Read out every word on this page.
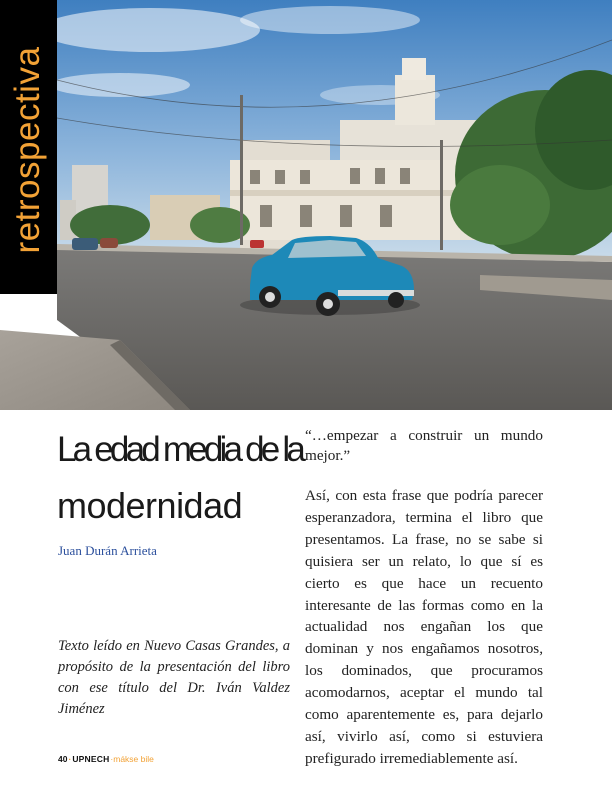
retrospectiva
La edad media de la
modernidad
Juan Durán Arrieta

Texto leído en Nuevo Casas Grandes, a propósito de la presentación del libro con ese título del Dr. Iván Valdez Jiménez

“…empezar a construir un mundo mejor.”

Así, con esta frase que podría parecer esperanzadora, termina el libro que presentamos. La frase, no se sabe si quisiera ser un relato, lo que sí es cierto es que hace un recuento interesante de las formas como en la actualidad nos engañan los que dominan y nos engañamos nosotros, los dominados, que procuramos acomodarnos, aceptar el mundo tal como aparentemente es, para dejarlo así, vivirlo así, como si estuviera prefigurado irremediablemente así.

40 · UPNECH ·mákse bile
